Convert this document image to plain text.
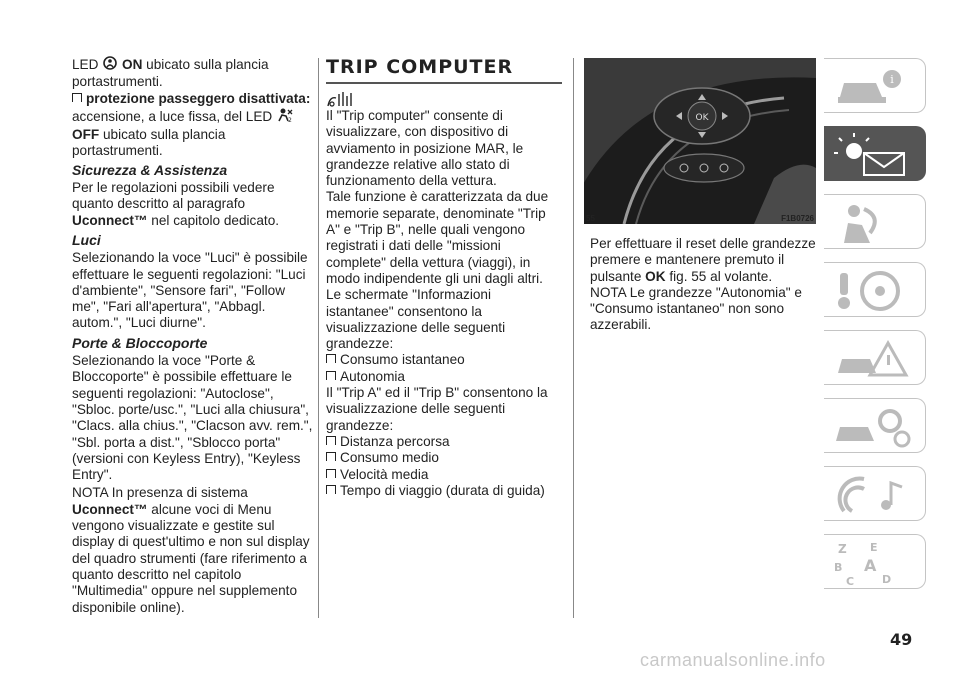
LED ON ubicato sulla plancia portastrumenti.

protezione passeggero disattivata: accensione, a luce fissa, del LED	2
OFF ubicato sulla plancia portastrumenti.

Sicurezza & Assistenza

Per le regolazioni possibili vedere quanto descritto al paragrafo
Uconnect™ nel capitolo dedicato.

Luci

Selezionando la voce "Luci" è possibile effettuare le seguenti regolazioni: "Luci d'ambiente", "Sensore fari", "Follow me", "Fari all'apertura", "Abbagl. autom.", "Luci diurne".

Porte & Bloccoporte

Selezionando la voce "Porte & Bloccoporte" è possibile effettuare le seguenti regolazioni: "Autoclose", "Sbloc. porte/usc.", "Luci alla chiusura", "Clacs. alla chius.", "Clacson avv. rem.", "Sbl. porta a dist.", "Sblocco porta" (versioni con Keyless Entry), "Keyless Entry".

NOTA In presenza di sistema
Uconnect™ alcune voci di Menu vengono visualizzate e gestite sul display di quest'ultimo e non sul display del quadro strumenti (fare riferimento a quanto descritto nel capitolo "Multimedia" oppure nel supplemento disponibile online).

TRIP COMPUTER

Il "Trip computer" consente di visualizzare, con dispositivo di avviamento in posizione MAR, le grandezze relative allo stato di funzionamento della vettura.

Tale funzione è caratterizzata da due memorie separate, denominate "Trip A" e "Trip B", nelle quali vengono registrati i dati delle "missioni complete" della vettura (viaggi), in modo indipendente gli uni dagli altri.

Le schermate "Informazioni istantanee" consentono la visualizzazione delle seguenti grandezze:

Consumo istantaneo
Autonomia

Il "Trip A" ed il "Trip B" consentono la visualizzazione delle seguenti grandezze:

Distanza percorsa
Consumo medio
Velocità media
Tempo di viaggio (durata di guida)
OK
55	F1B0726

Per effettuare il reset delle grandezze premere e mantenere premuto il pulsante OK fig. 55 al volante.

NOTA Le grandezze "Autonomia" e "Consumo istantaneo" non sono azzerabili.

i
Z E
B A
C	D
49
carmanualsonline.info
